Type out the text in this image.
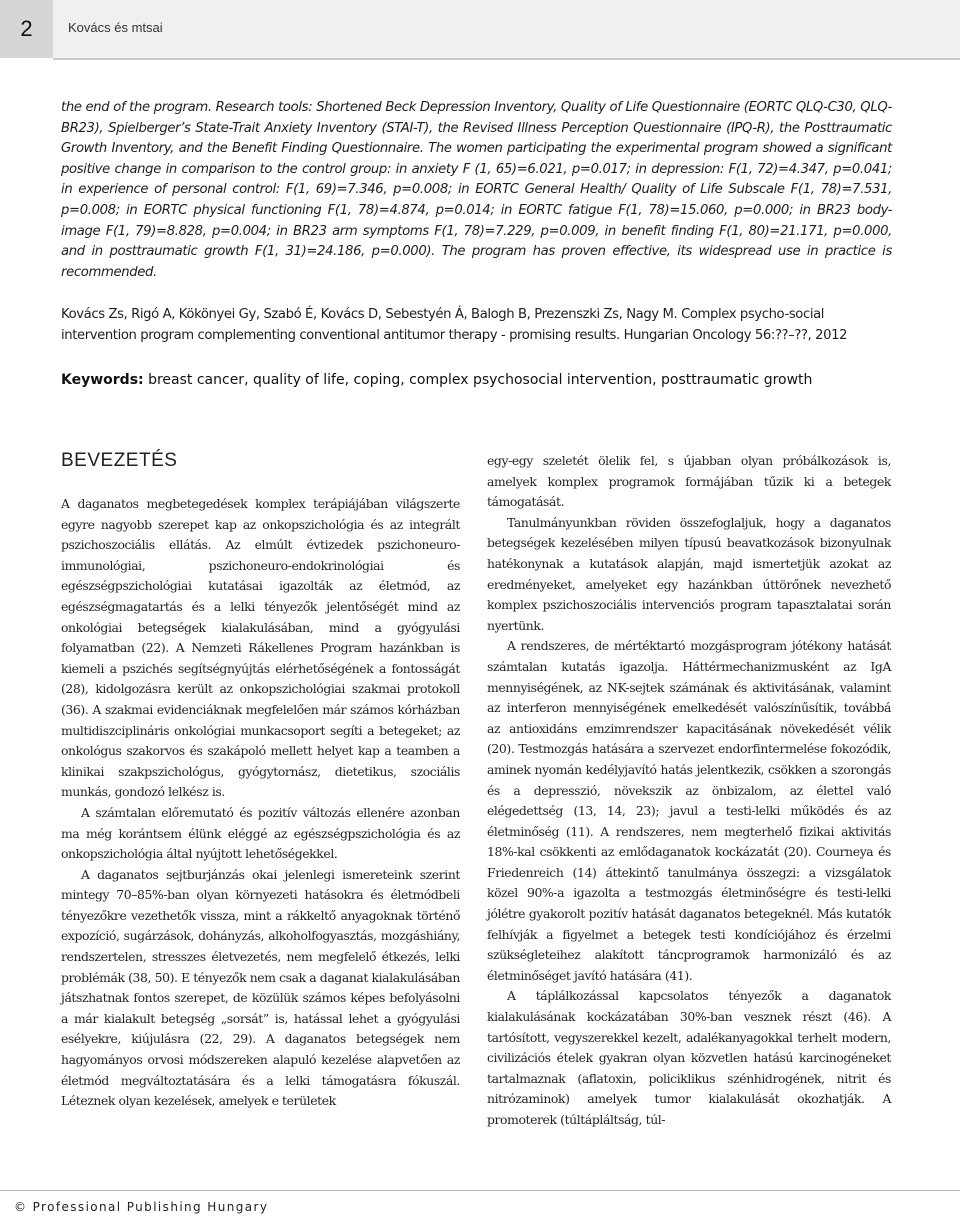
2	Kovács és mtsai
the end of the program. Research tools: Shortened Beck Depression Inventory, Quality of Life Questionnaire (EORTC QLQ-C30, QLQ-BR23), Spielberger’s State-Trait Anxiety Inventory (STAI-T), the Revised Illness Perception Questionnaire (IPQ-R), the Posttraumatic Growth Inventory, and the Benefit Finding Questionnaire. The women participating the experimental program showed a significant positive change in comparison to the control group: in anxiety F (1, 65)=6.021, p=0.017; in depression: F(1, 72)=4.347, p=0.041; in experience of personal control: F(1, 69)=7.346, p=0.008; in EORTC General Health/ Quality of Life Subscale F(1, 78)=7.531, p=0.008; in EORTC physical functioning F(1, 78)=4.874, p=0.014; in EORTC fatigue F(1, 78)=15.060, p=0.000; in BR23 body-image F(1, 79)=8.828, p=0.004; in BR23 arm symptoms F(1, 78)=7.229, p=0.009, in benefit finding F(1, 80)=21.171, p=0.000, and in posttraumatic growth F(1, 31)=24.186, p=0.000). The program has proven effective, its widespread use in practice is recommended.
Kovács Zs, Rigó A, Kökönyei Gy, Szabó É, Kovács D, Sebestyén Á, Balogh B, Prezenszki Zs, Nagy M. Complex psycho-social intervention program complementing conventional antitumor therapy - promising results. Hungarian Oncology 56:??–??, 2012
Keywords: breast cancer, quality of life, coping, complex psychosocial intervention, posttraumatic growth
BEVEZETÉS

A daganatos megbetegedések komplex terápiájában világszerte egyre nagyobb szerepet kap az onkopszichológia és az integrált pszichoszociális ellátás. Az elmúlt évtizedek pszichoneuro-immunológiai, pszichoneuro-endokrinológiai és egészségpszichológiai kutatásai igazolták az életmód, az egészségmagatartás és a lelki tényezők jelentőségét mind az onkológiai betegségek kialakulásában, mind a gyógyulási folyamatban (22). A Nemzeti Rákellenes Program hazánkban is kiemeli a pszichés segítségnyújtás elérhetőségének a fontosságát (28), kidolgozásra került az onkopszichológiai szakmai protokoll (36). A szakmai evidenciáknak megfelelően már számos kórházban multidiszciplináris onkológiai munkacsoport segíti a betegeket; az onkológus szakorvos és szakápoló mellett helyet kap a teamben a klinikai szakpszichológus, gyógytornász, dietetikus, szociális munkás, gondozó lelkész is.

A számtalan előremutató és pozitív változás ellenére azonban ma még korántsem élünk eléggé az egészségpszichológia és az onkopszichológia által nyújtott lehetőségekkel.

A daganatos sejtburjánzás okai jelenlegi ismereteink szerint mintegy 70–85%-ban olyan környezeti hatásokra és életmódbeli tényezőkre vezethetők vissza, mint a rákkeltő anyagoknak történő expozíció, sugárzások, dohányzás, alkoholfogyasztás, mozgáshiány, rendszertelen, stresszes életvezetés, nem megfelelő étkezés, lelki problémák (38, 50). E tényezők nem csak a daganat kialakulásában játszhatnak fontos szerepet, de közülük számos képes befolyásolni a már kialakult betegség „sorsát” is, hatással lehet a gyógyulási esélyekre, kiújulásra (22, 29). A daganatos betegségek nem hagyományos orvosi módszereken alapuló kezelése alapvetően az életmód megváltoztatására és a lelki támogatásra fókuszál. Léteznek olyan kezelések, amelyek e területek

egy-egy szeletét ölelik fel, s újabban olyan próbálkozások is, amelyek komplex programok formájában tűzik ki a betegek támogatását.

Tanulmányunkban röviden összefoglaljuk, hogy a daganatos betegségek kezelésében milyen típusú beavatkozások bizonyulnak hatékonynak a kutatások alapján, majd ismertetjük azokat az eredményeket, amelyeket egy hazánkban úttörőnek nevezhető komplex pszichoszociális intervenciós program tapasztalatai során nyertünk.

A rendszeres, de mértéktartó mozgásprogram jótékony hatását számtalan kutatás igazolja. Háttérmechanizmusként az IgA mennyiségének, az NK-sejtek számának és aktivitásának, valamint az interferon mennyiségének emelkedését valószínűsítik, továbbá az antioxidáns emzimrendszer kapacitásának növekedését vélik (20). Testmozgás hatására a szervezet endorfintermelése fokozódik, aminek nyomán kedélyjavító hatás jelentkezik, csökken a szorongás és a depresszió, növekszik az önbizalom, az élettel való elégedettség (13, 14, 23); javul a testi-lelki működés és az életminőség (11). A rendszeres, nem megterhelő fizikai aktivitás 18%-kal csökkenti az emlődaganatok kockázatát (20). Courneya és Friedenreich (14) áttekintő tanulmánya összegzi: a vizsgálatok közel 90%-a igazolta a testmozgás életminőségre és testi-lelki jólétre gyakorolt pozitív hatását daganatos betegeknél. Más kutatók felhívják a figyelmet a betegek testi kondíciójához és érzelmi szükségleteihez alakított táncprogramok harmonizáló és az életminőséget javító hatására (41).

A táplálkozással kapcsolatos tényezők a daganatok kialakulásának kockázatában 30%-ban vesznek részt (46). A tartósított, vegyszerekkel kezelt, adalékanyagokkal terhelt modern, civilizációs ételek gyakran olyan közvetlen hatású karcinogéneket tartalmaznak (aflatoxin, policiklikus szénhidrogének, nitrit és nitrózaminok) amelyek tumor kialakulását okozhatják. A promoterek (túltápláltság, túl-

© Professional Publishing Hungary
